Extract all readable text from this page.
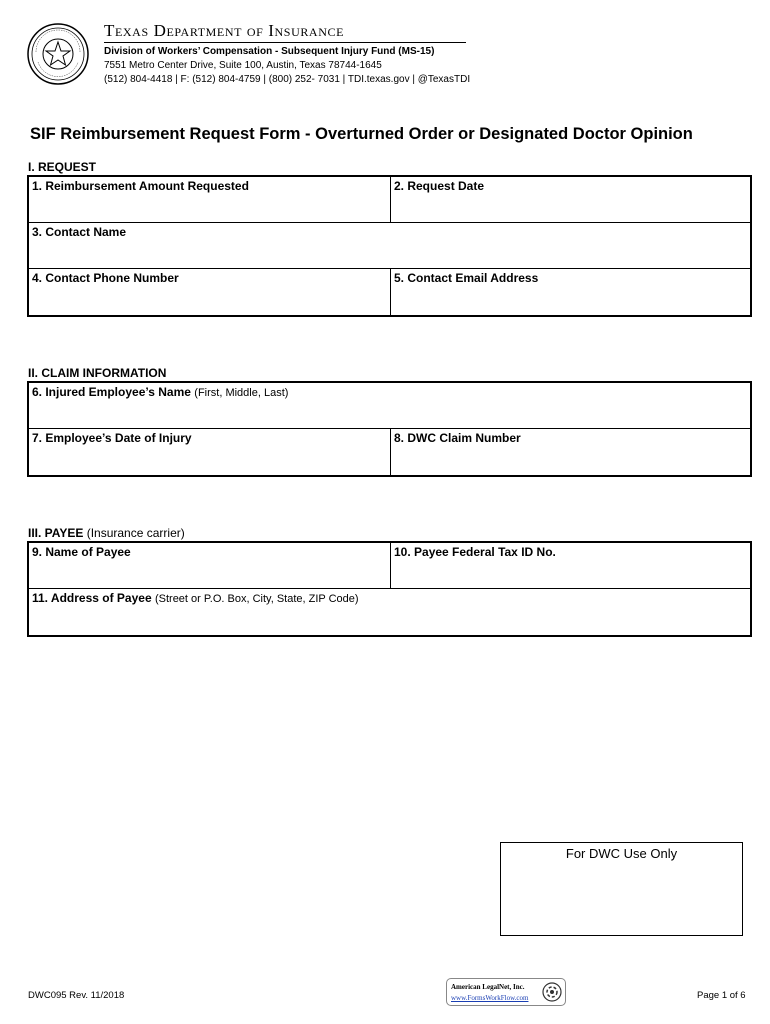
Texas Department of Insurance
Division of Workers’ Compensation - Subsequent Injury Fund (MS-15)
7551 Metro Center Drive, Suite 100, Austin, Texas 78744-1645
(512) 804-4418 | F: (512) 804-4759 | (800) 252- 7031 | TDI.texas.gov | @TexasTDI
SIF Reimbursement Request Form - Overturned Order or Designated Doctor Opinion
I. REQUEST
1. Reimbursement Amount Requested	2. Request Date
3. Contact Name
4. Contact Phone Number	5. Contact Email Address
II. CLAIM INFORMATION
6. Injured Employee’s Name (First, Middle, Last)
7. Employee’s Date of Injury	8. DWC Claim Number
III. PAYEE (Insurance carrier)
9. Name of Payee	10. Payee Federal Tax ID No.
11. Address of Payee (Street or P.O. Box, City, State, ZIP Code)
For DWC Use Only
DWC095 Rev. 11/2018
American LegalNet, Inc.
www.FormsWorkFlow.com	Page 1 of 6
